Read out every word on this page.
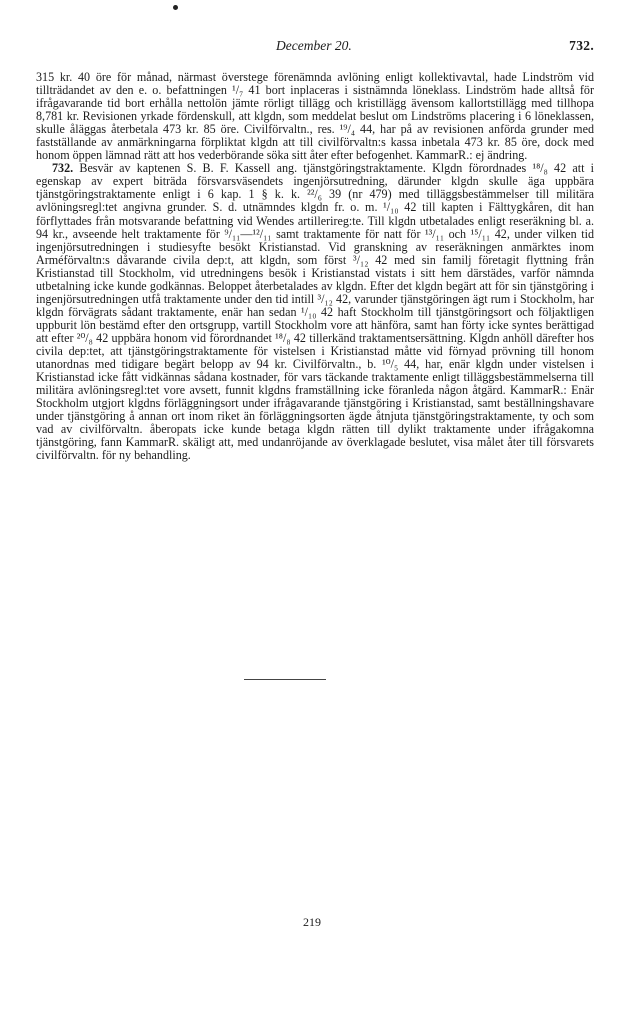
December 20.	732.

315 kr. 40 öre för månad, närmast överstege förenämnda avlöning enligt kollektivavtal, hade Lindström vid tillträdandet av den e. o. befattningen ¹/₇ 41 bort inplaceras i sistnämnda löneklass. Lindström hade alltså för ifrågavarande tid bort erhålla nettolön jämte rörligt tillägg och kristillägg ävensom kallortstillägg med tillhopa 8,781 kr. Revisionen yrkade fördenskull, att klgdn, som meddelat beslut om Lindströms placering i 6 löneklassen, skulle åläggas återbetala 473 kr. 85 öre. Civilförvaltn., res. ¹⁹/₄ 44, har på av revisionen anförda grunder med fastställande av anmärkningarna förpliktat klgdn att till civilförvaltn:s kassa inbetala 473 kr. 85 öre, dock med honom öppen lämnad rätt att hos vederbörande söka sitt åter efter befogenhet. KammarR.: ej ändring.

732. Besvär av kaptenen S. B. F. Kassell ang. tjänstgöringstraktamente. Klgdn förordnades ¹⁸/₈ 42 att i egenskap av expert biträda försvarsväsendets ingenjörsutredning, därunder klgdn skulle äga uppbära tjänstgöringstraktamente enligt i 6 kap. 1 § k. k. ²²/₆ 39 (nr 479) med tilläggsbestämmelser till militära avlöningsregl:tet angivna grunder. S. d. utnämndes klgdn fr. o. m. ¹/₁₀ 42 till kapten i Fälttygkåren, dit han förflyttades från motsvarande befattning vid Wendes artillerireg:te. Till klgdn utbetalades enligt reseräkning bl. a. 94 kr., avseende helt traktamente för ⁹/₁₁—¹²/₁₁ samt traktamente för natt för ¹³/₁₁ och ¹⁵/₁₁ 42, under vilken tid ingenjörsutredningen i studiesyfte besökt Kristianstad. Vid granskning av reseräkningen anmärktes inom Arméförvaltn:s dåvarande civila dep:t, att klgdn, som först ³/₁₂ 42 med sin familj företagit flyttning från Kristianstad till Stockholm, vid utredningens besök i Kristianstad vistats i sitt hem därstädes, varför nämnda utbetalning icke kunde godkännas. Beloppet återbetalades av klgdn. Efter det klgdn begärt att för sin tjänstgöring i ingenjörsutredningen utfå traktamente under den tid intill ³/₁₂ 42, varunder tjänstgöringen ägt rum i Stockholm, har klgdn förvägrats sådant traktamente, enär han sedan ¹/₁₀ 42 haft Stockholm till tjänstgöringsort och följaktligen uppburit lön bestämd efter den ortsgrupp, vartill Stockholm vore att hänföra, samt han förty icke syntes berättigad att efter ²⁰/₈ 42 uppbära honom vid förordnandet ¹⁸/₈ 42 tillerkänd traktamentsersättning. Klgdn anhöll därefter hos civila dep:tet, att tjänstgöringstraktamente för vistelsen i Kristianstad måtte vid förnyad prövning till honom utanordnas med tidigare begärt belopp av 94 kr. Civilförvaltn., b. ¹⁰/₅ 44, har, enär klgdn under vistelsen i Kristianstad icke fått vidkännas sådana kostnader, för vars täckande traktamente enligt tilläggsbestämmelserna till militära avlöningsregl:tet vore avsett, funnit klgdns framställning icke föranleda någon åtgärd. KammarR.: Enär Stockholm utgjort klgdns förläggningsort under ifrågavarande tjänstgöring i Kristianstad, samt beställningshavare under tjänstgöring å annan ort inom riket än förläggningsorten ägde åtnjuta tjänstgöringstraktamente, ty och som vad av civilförvaltn. åberopats icke kunde betaga klgdn rätten till dylikt traktamente under ifrågakomna tjänstgöring, fann KammarR. skäligt att, med undanröjande av överklagade beslutet, visa målet åter till försvarets civilförvaltn. för ny behandling.

219
